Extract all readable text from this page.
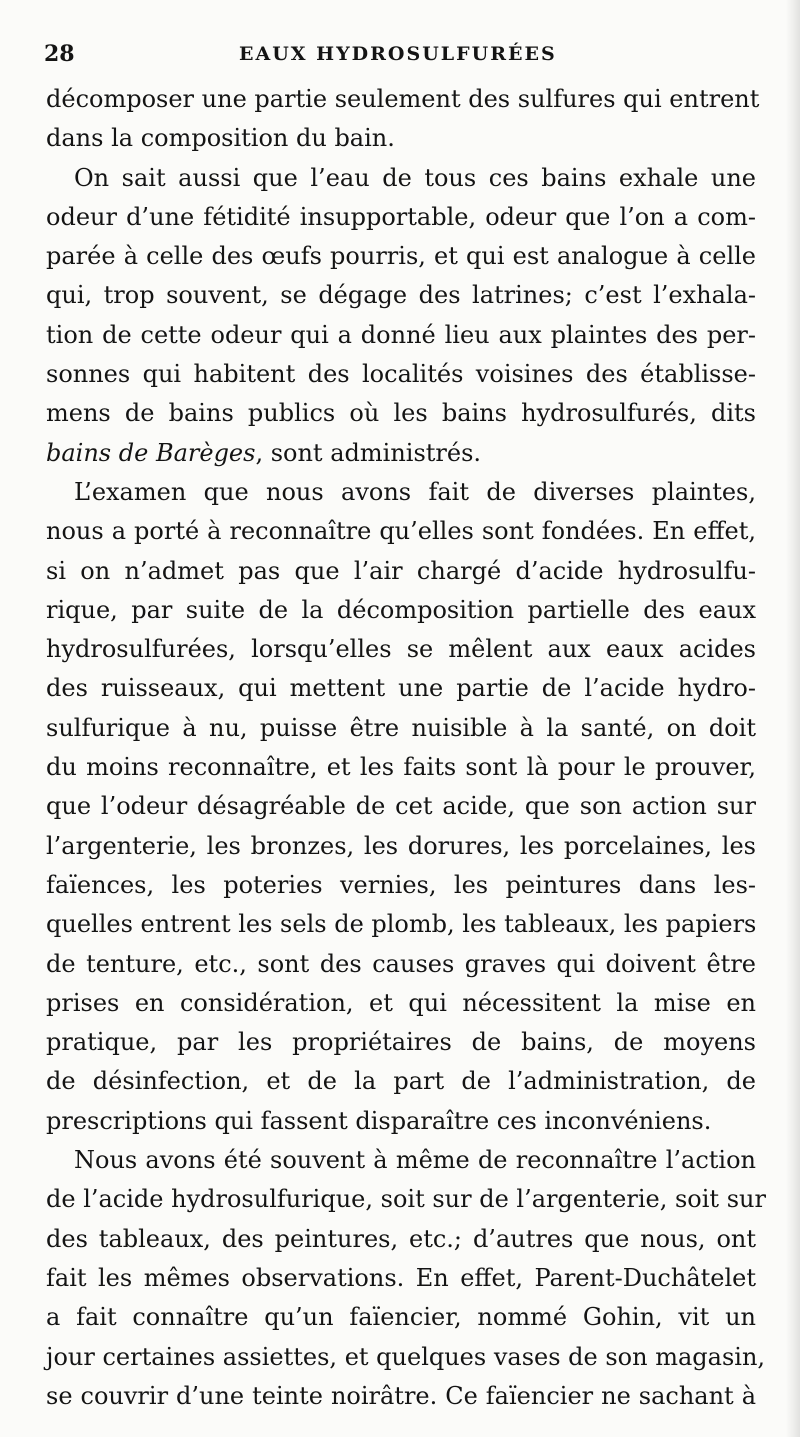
28	EAUX HYDROSULFURÉES
décomposer une partie seulement des sulfures qui entrent
dans la composition du bain.
On sait aussi que l’eau de tous ces bains exhale une
odeur d’une fétidité insupportable, odeur que l’on a com-
parée à celle des œufs pourris, et qui est analogue à celle
qui, trop souvent, se dégage des latrines; c’est l’exhala-
tion de cette odeur qui a donné lieu aux plaintes des per-
sonnes qui habitent des localités voisines des établisse-
mens de bains publics où les bains hydrosulfurés, dits
bains de Barèges, sont administrés.
L’examen que nous avons fait de diverses plaintes,
nous a porté à reconnaître qu’elles sont fondées. En effet,
si on n’admet pas que l’air chargé d’acide hydrosulfu-
rique, par suite de la décomposition partielle des eaux
hydrosulfurées, lorsqu’elles se mêlent aux eaux acides
des ruisseaux, qui mettent une partie de l’acide hydro-
sulfurique à nu, puisse être nuisible à la santé, on doit
du moins reconnaître, et les faits sont là pour le prouver,
que l’odeur désagréable de cet acide, que son action sur
l’argenterie, les bronzes, les dorures, les porcelaines, les
faïences, les poteries vernies, les peintures dans les-
quelles entrent les sels de plomb, les tableaux, les papiers
de tenture, etc., sont des causes graves qui doivent être
prises en considération, et qui nécessitent la mise en
pratique, par les propriétaires de bains, de moyens
de désinfection, et de la part de l’administration, de
prescriptions qui fassent disparaître ces inconvéniens.
Nous avons été souvent à même de reconnaître l’action
de l’acide hydrosulfurique, soit sur de l’argenterie, soit sur
des tableaux, des peintures, etc.; d’autres que nous, ont
fait les mêmes observations. En effet, Parent-Duchâtelet
a fait connaître qu’un faïencier, nommé Gohin, vit un
jour certaines assiettes, et quelques vases de son magasin,
se couvrir d’une teinte noirâtre. Ce faïencier ne sachant à
